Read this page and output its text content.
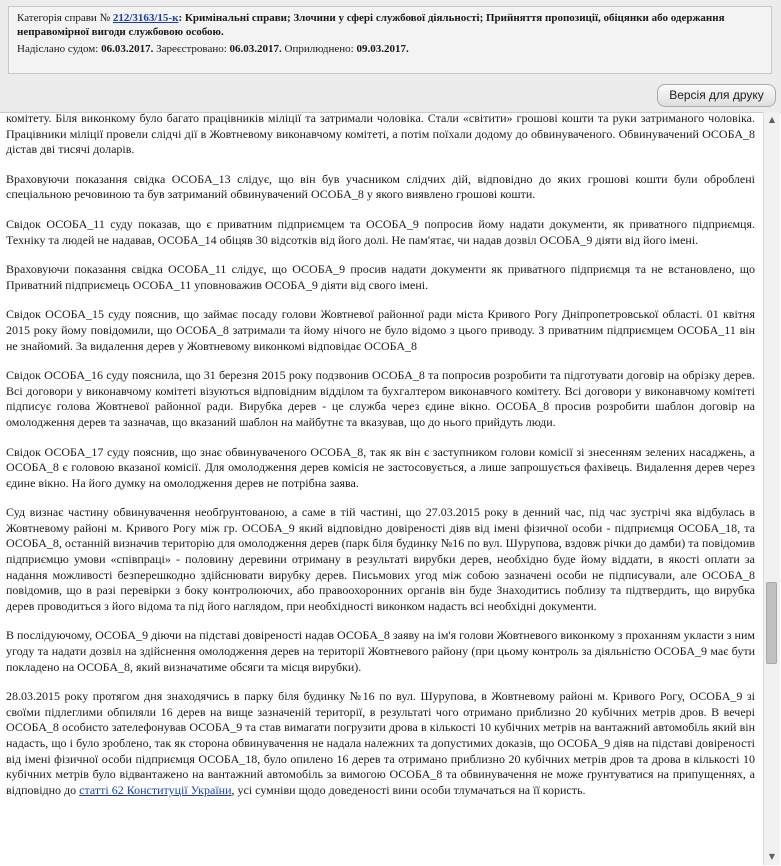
Категорія справи № 212/3163/15-к: Кримінальні справи; Злочини у сфері службової діяльності; Прийняття пропозиції, обіцянки або одержання неправомірної вигоди службовою особою.

Надіслано судом: 06.03.2017. Зареєстровано: 06.03.2017. Оприлюднено: 09.03.2017.

Версія для друку

комітету. Біля виконкому було багато працівників міліції та затримали чоловіка. Стали «світити» грошові кошти та руки затриманого чоловіка. Працівники міліції провели слідчі дії в Жовтневому виконавчому комітеті, а потім поїхали додому до обвинуваченого. Обвинувачений ОСОБА_8 дістав дві тисячі доларів.

Враховуючи показання свідка ОСОБА_13 слідує, що він був учасником слідчих дій, відповідно до яких грошові кошти були оброблені спеціальною речовиною та був затриманий обвинувачений ОСОБА_8 у якого виявлено грошові кошти.

Свідок ОСОБА_11 суду показав, що є приватним підприємцем та ОСОБА_9 попросив йому надати документи, як приватного підприємця. Техніку та людей не надавав, ОСОБА_14 обіцяв 30 відсотків від його долі. Не пам'ятає, чи надав дозвіл ОСОБА_9 діяти від його імені.

Враховуючи показання свідка ОСОБА_11 слідує, що ОСОБА_9 просив надати документи як приватного підприємця та не встановлено, що Приватний підприємець ОСОБА_11 уповноважив ОСОБА_9 діяти від свого імені.

Свідок ОСОБА_15 суду пояснив, що займає посаду голови Жовтневої районної ради міста Кривого Рогу Дніпропетровської області. 01 квітня 2015 року йому повідомили, що ОСОБА_8 затримали та йому нічого не було відомо з цього приводу. З приватним підприємцем ОСОБА_11 він не знайомий. За видалення дерев у Жовтневому виконкомі відповідає ОСОБА_8

Свідок ОСОБА_16 суду пояснила, що 31 березня 2015 року подзвонив ОСОБА_8 та попросив розробити та підготувати договір на обрізку дерев. Всі договори у виконавчому комітеті візуються відповідним відділом та бухгалтером виконавчого комітету. Всі договори у виконавчому комітеті підписує голова Жовтневої районної ради. Вирубка дерев - це служба через єдине вікно. ОСОБА_8 просив розробити шаблон договір на омолодження дерев та зазначав, що вказаний шаблон на майбутнє та вказував, що до нього прийдуть люди.

Свідок ОСОБА_17 суду пояснив, що знає обвинуваченого ОСОБА_8, так як він є заступником голови комісії зі знесенням зелених насаджень, а ОСОБА_8 є головою вказаної комісії. Для омолодження дерев комісія не застосовується, а лише запрошується фахівець. Видалення дерев через єдине вікно. На його думку на омолодження дерев не потрібна заява.

Суд визнає частину обвинувачення необґрунтованою, а саме в тій частині, що 27.03.2015 року в денний час, під час зустрічі яка відбулась в Жовтневому районі м. Кривого Рогу між гр. ОСОБА_9 який відповідно довіреності діяв від імені фізичної особи - підприємця ОСОБА_18, та ОСОБА_8, останній визначив територію для омолодження дерев (парк біля будинку №16 по вул. Шурупова, вздовж річки до дамби) та повідомив підприємцю умови «співпраці» - половину деревини отриману в результаті вирубки дерев, необхідно буде йому віддати, в якості оплати за надання можливості безперешкодно здійснювати вирубку дерев. Письмових угод між собою зазначені особи не підписували, але ОСОБА_8 повідомив, що в разі перевірки з боку контролюючих, або правоохоронних органів він буде Знаходитись поблизу та підтвердить, що вирубка дерев проводиться з його відома та під його наглядом, при необхідності виконком надасть всі необхідні документи.

В послідуючому, ОСОБА_9 діючи на підставі довіреності надав ОСОБА_8 заяву на ім'я голови Жовтневого виконкому з проханням укласти з ним угоду та надати дозвіл на здійснення омолодження дерев на території Жовтневого району (при цьому контроль за діяльністю ОСОБА_9 має бути покладено на ОСОБА_8, який визначатиме обсяги та місця вирубки).

28.03.2015 року протягом дня знаходячись в парку біля будинку №16 по вул. Шурупова, в Жовтневому районі м. Кривого Рогу, ОСОБА_9 зі своїми підлеглими обпиляли 16 дерев на вище зазначеній території, в результаті чого отримано приблизно 20 кубічних метрів дров. В вечері ОСОБА_8 особисто зателефонував ОСОБА_9 та став вимагати погрузити дрова в кількості 10 кубічних метрів на вантажний автомобіль який він надасть, що і було зроблено, так як сторона обвинувачення не надала належних та допустимих доказів, що ОСОБА_9 діяв на підставі довіреності від імені фізичної особи підприємця ОСОБА_18, було опилено 16 дерев та отримано приблизно 20 кубічних метрів дров та дрова в кількості 10 кубічних метрів було відвантажено на вантажний автомобіль за вимогою ОСОБА_8 та обвинувачення не може ґрунтуватися на припущеннях, а відповідно до статті 62 Конституції України, усі сумніви щодо доведеності вини особи тлумачаться на її користь.

▲
▼
